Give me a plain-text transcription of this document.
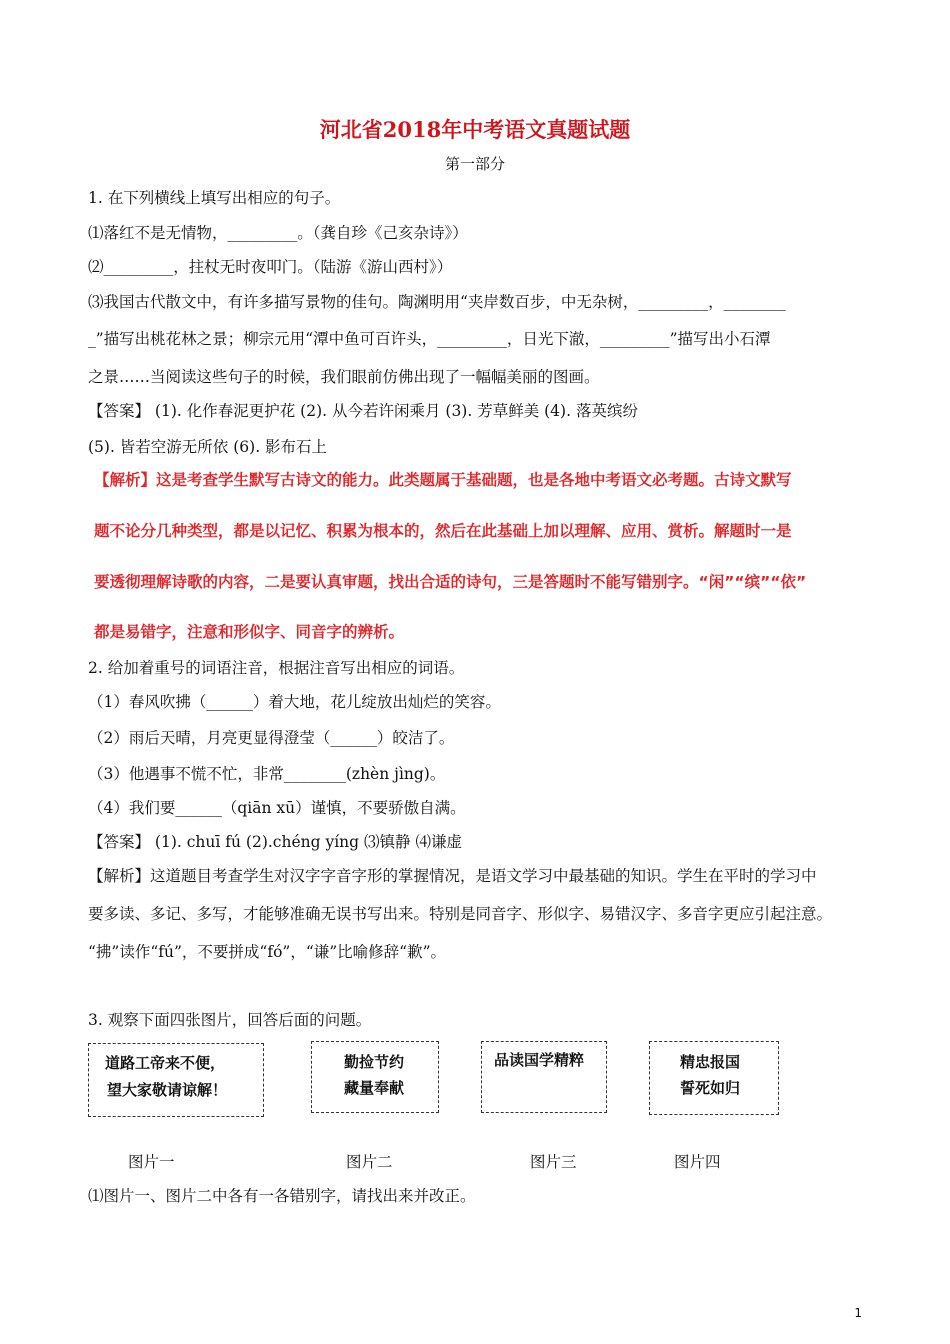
河北省2018年中考语文真题试题
第一部分
1. 在下列横线上填写出相应的句子。
⑴落红不是无情物，_________。（龚自珍《己亥杂诗》）
⑵_________，拄杖无时夜叩门。（陆游《游山西村》）
⑶我国古代散文中，有许多描写景物的佳句。陶渊明用“夹岸数百步，中无杂树，_________，________
_”描写出桃花林之景；柳宗元用“潭中鱼可百许头，_________，日光下澈，_________”描写出小石潭
之景……当阅读这些句子的时候，我们眼前仿佛出现了一幅幅美丽的图画。
【答案】 (1). 化作春泥更护花 (2). 从今若许闲乘月 (3). 芳草鲜美 (4). 落英缤纷
(5). 皆若空游无所依 (6). 影布石上
【解析】这是考查学生默写古诗文的能力。此类题属于基础题，也是各地中考语文必考题。古诗文默写
题不论分几种类型，都是以记忆、积累为根本的，然后在此基础上加以理解、应用、赏析。解题时一是
要透彻理解诗歌的内容，二是要认真审题，找出合适的诗句，三是答题时不能写错别字。“闲”“缤”“依”
都是易错字，注意和形似字、同音字的辨析。
2. 给加着重号的词语注音，根据注音写出相应的词语。
（1）春风吹拂（______）着大地，花儿绽放出灿烂的笑容。
（2）雨后天晴，月亮更显得澄莹（______）皎洁了。
（3）他遇事不慌不忙，非常________(zhèn jìng)。
（4）我们要______（qiān xū）谨慎，不要骄傲自满。
【答案】 (1). chuī fú (2).chéng yíng ⑶镇静 ⑷谦虚
【解析】这道题目考查学生对汉字字音字形的掌握情况，是语文学习中最基础的知识。学生在平时的学习中
要多读、多记、多写，才能够准确无误书写出来。特别是同音字、形似字、易错汉字、多音字更应引起注意。
“拂”读作“fú”，不要拼成“fó”，“谦”比喻修辞“歉”。
3. 观察下面四张图片，回答后面的问题。
道路工帝来不便，
望大家敬请谅解！
勤捡节约
藏量奉献
品读国学精粹	精忠报国
誓死如归
图片一	图片二	图片三	图片四
⑴图片一、图片二中各有一各错别字，请找出来并改正。
1
